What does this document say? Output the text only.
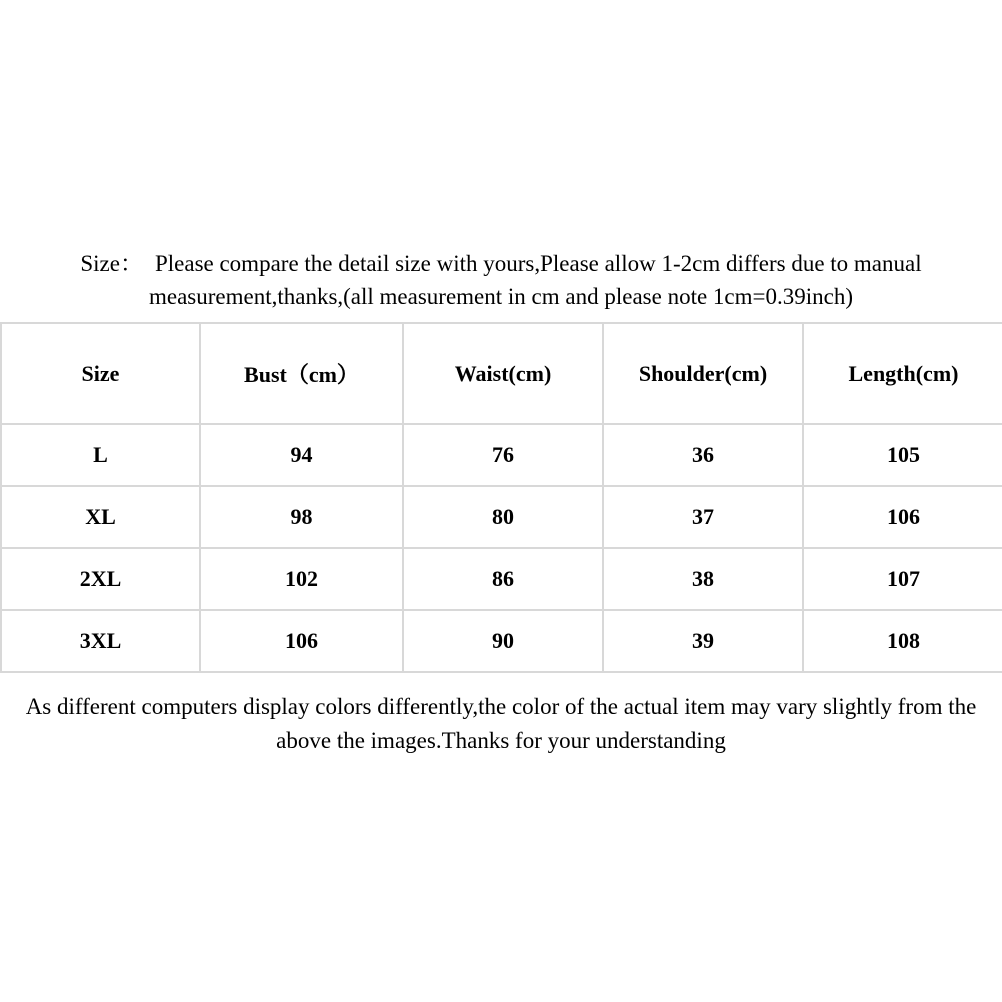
Size： Please compare the detail size with yours,Please allow 1-2cm differs due to manual
measurement,thanks,(all measurement in cm and please note 1cm=0.39inch)

Size	Bust（cm）	Waist(cm)	Shoulder(cm)	Length(cm)
L	94	76	36	105
XL	98	80	37	106
2XL	102	86	38	107
3XL	106	90	39	108
As different computers display colors differently,the color of the actual item may vary slightly from the above the images.Thanks for your understanding
